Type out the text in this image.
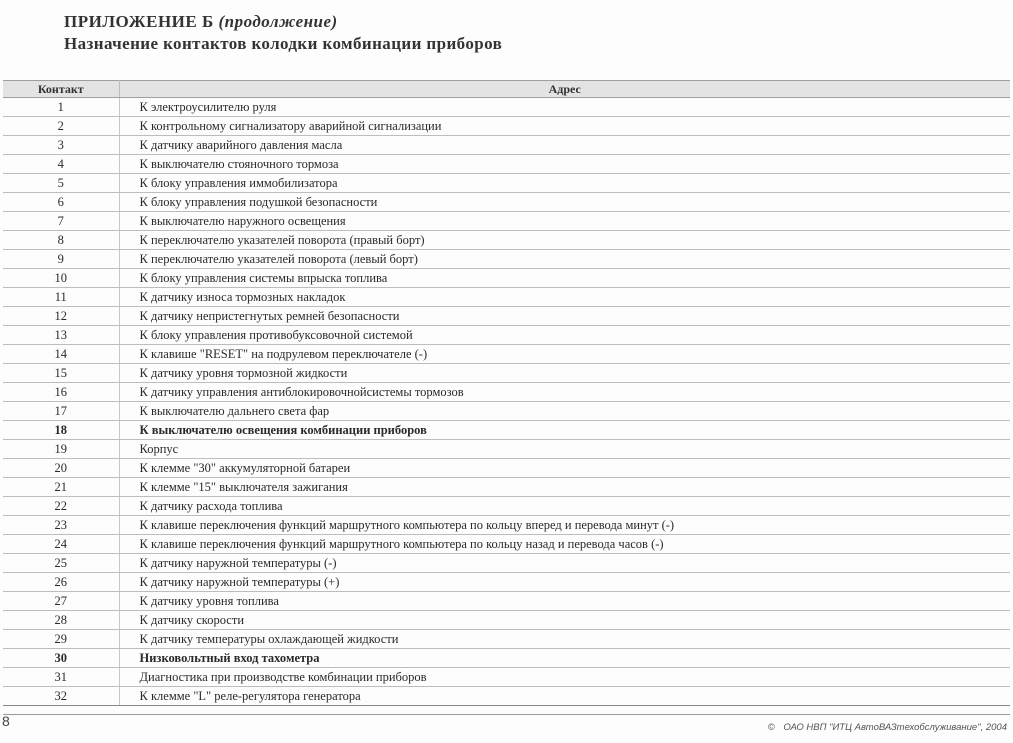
ПРИЛОЖЕНИЕ Б (продолжение)
Назначение контактов колодки комбинации приборов
Контакт	Адрес
1	К электроусилителю руля
2	К контрольному сигнализатору аварийной сигнализации
3	К датчику аварийного давления масла
4	К выключателю стояночного тормоза
5	К блоку управления иммобилизатора
6	К блоку управления подушкой безопасности
7	К выключателю наружного освещения
8	К переключателю указателей поворота (правый борт)
9	К переключателю указателей поворота (левый борт)
10	К блоку управления системы впрыска топлива
11	К датчику износа тормозных накладок
12	К датчику непристегнутых ремней безопасности
13	К блоку управления противобуксовочной системой
14	К клавише "RESET" на подрулевом переключателе (-)
15	К датчику уровня тормозной жидкости
16	К датчику управления антиблокировочнойсистемы тормозов
17	К выключателю дальнего света фар
18	К выключателю освещения комбинации приборов
19	Корпус
20	К клемме "30" аккумуляторной батареи
21	К клемме "15" выключателя зажигания
22	К датчику расхода топлива
23	К клавише переключения функций маршрутного компьютера по кольцу вперед и перевода минут (-)
24	К клавише переключения функций маршрутного компьютера по кольцу назад и перевода часов (-)
25	К датчику наружной температуры (-)
26	К датчику наружной температуры (+)
27	К датчику уровня топлива
28	К датчику скорости
29	К датчику температуры охлаждающей жидкости
30	Низковольтный вход тахометра
31	Диагностика при производстве комбинации приборов
32	К клемме "L" реле-регулятора генератора
8	© ОАО НВП "ИТЦ АвтоВАЗтехобслуживание", 2004
